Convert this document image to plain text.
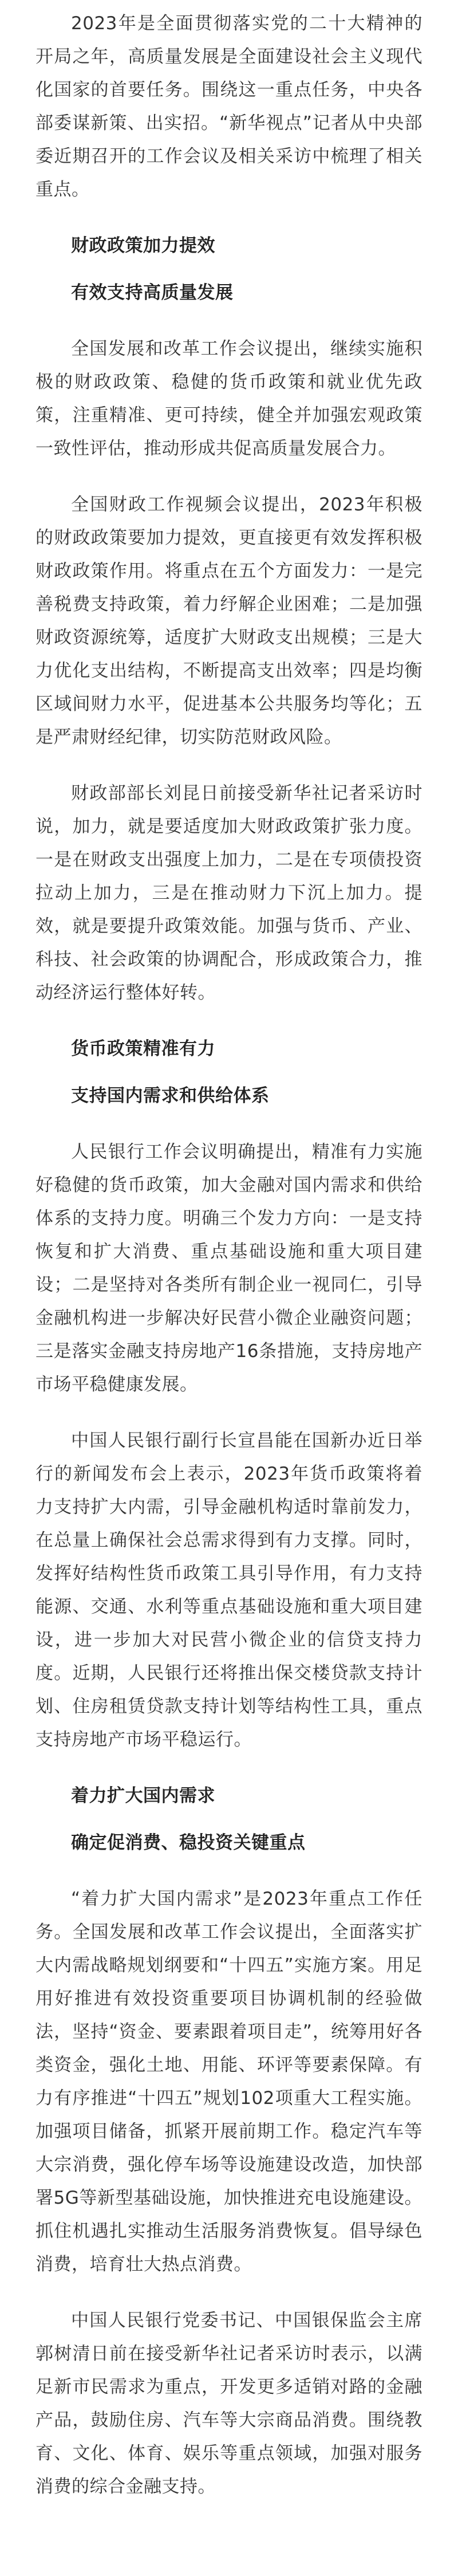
2023年是全面贯彻落实党的二十大精神的开局之年，高质量发展是全面建设社会主义现代化国家的首要任务。围绕这一重点任务，中央各部委谋新策、出实招。“新华视点”记者从中央部委近期召开的工作会议及相关采访中梳理了相关重点。

财政政策加力提效
有效支持高质量发展

全国发展和改革工作会议提出，继续实施积极的财政政策、稳健的货币政策和就业优先政策，注重精准、更可持续，健全并加强宏观政策一致性评估，推动形成共促高质量发展合力。

全国财政工作视频会议提出，2023年积极的财政政策要加力提效，更直接更有效发挥积极财政政策作用。将重点在五个方面发力：一是完善税费支持政策，着力纾解企业困难；二是加强财政资源统筹，适度扩大财政支出规模；三是大力优化支出结构，不断提高支出效率；四是均衡区域间财力水平，促进基本公共服务均等化；五是严肃财经纪律，切实防范财政风险。

财政部部长刘昆日前接受新华社记者采访时说，加力，就是要适度加大财政政策扩张力度。一是在财政支出强度上加力，二是在专项债投资拉动上加力，三是在推动财力下沉上加力。提效，就是要提升政策效能。加强与货币、产业、科技、社会政策的协调配合，形成政策合力，推动经济运行整体好转。

货币政策精准有力
支持国内需求和供给体系

人民银行工作会议明确提出，精准有力实施好稳健的货币政策，加大金融对国内需求和供给体系的支持力度。明确三个发力方向：一是支持恢复和扩大消费、重点基础设施和重大项目建设；二是坚持对各类所有制企业一视同仁，引导金融机构进一步解决好民营小微企业融资问题；三是落实金融支持房地产16条措施，支持房地产市场平稳健康发展。

中国人民银行副行长宣昌能在国新办近日举行的新闻发布会上表示，2023年货币政策将着力支持扩大内需，引导金融机构适时靠前发力，在总量上确保社会总需求得到有力支撑。同时，发挥好结构性货币政策工具引导作用，有力支持能源、交通、水利等重点基础设施和重大项目建设，进一步加大对民营小微企业的信贷支持力度。近期，人民银行还将推出保交楼贷款支持计划、住房租赁贷款支持计划等结构性工具，重点支持房地产市场平稳运行。

着力扩大国内需求
确定促消费、稳投资关键重点

“着力扩大国内需求”是2023年重点工作任务。全国发展和改革工作会议提出，全面落实扩大内需战略规划纲要和“十四五”实施方案。用足用好推进有效投资重要项目协调机制的经验做法，坚持“资金、要素跟着项目走”，统筹用好各类资金，强化土地、用能、环评等要素保障。有力有序推进“十四五”规划102项重大工程实施。加强项目储备，抓紧开展前期工作。稳定汽车等大宗消费，强化停车场等设施建设改造，加快部署5G等新型基础设施，加快推进充电设施建设。抓住机遇扎实推动生活服务消费恢复。倡导绿色消费，培育壮大热点消费。

中国人民银行党委书记、中国银保监会主席郭树清日前在接受新华社记者采访时表示，以满足新市民需求为重点，开发更多适销对路的金融产品，鼓励住房、汽车等大宗商品消费。围绕教育、文化、体育、娱乐等重点领域，加强对服务消费的综合金融支持。
